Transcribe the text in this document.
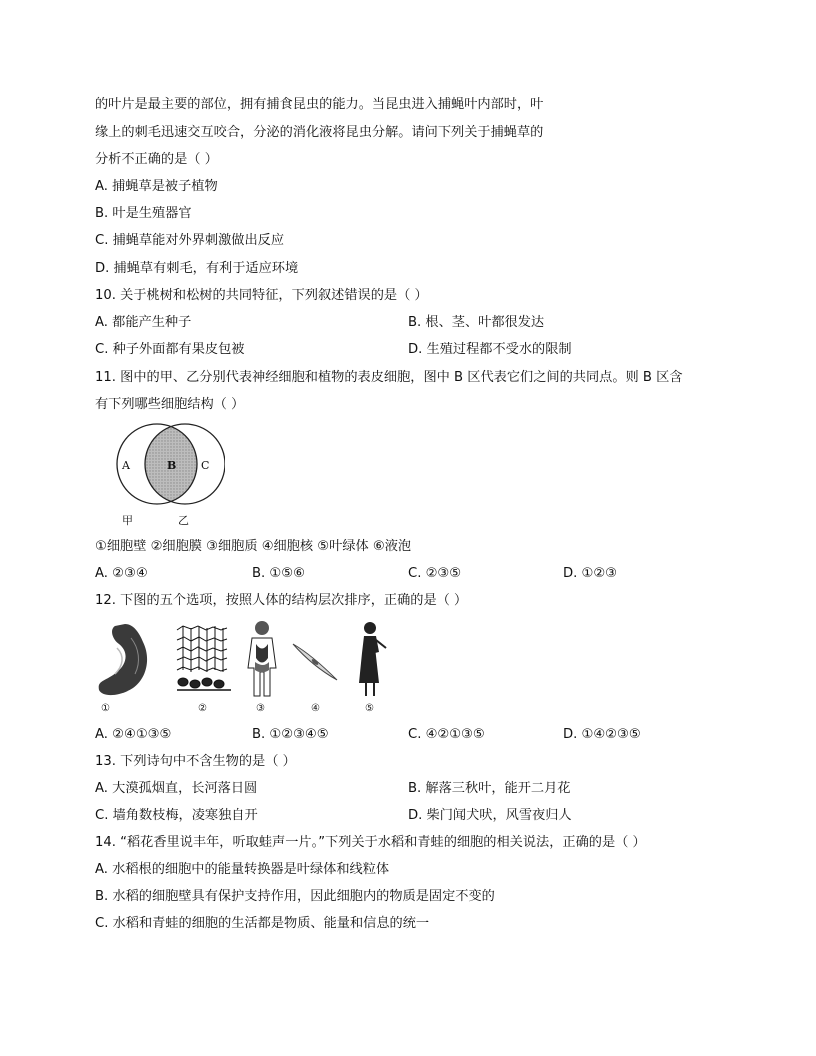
的叶片是最主要的部位，拥有捕食昆虫的能力。当昆虫进入捕蝇叶内部时，叶
缘上的刺毛迅速交互咬合，分泌的消化液将昆虫分解。请问下列关于捕蝇草的
分析不正确的是（ ）
A. 捕蝇草是被子植物
B. 叶是生殖器官
C. 捕蝇草能对外界刺激做出反应
D. 捕蝇草有刺毛，有利于适应环境
10. 关于桃树和松树的共同特征，下列叙述错误的是（ ）
A. 都能产生种子	B. 根、茎、叶都很发达
C. 种子外面都有果皮包被	D. 生殖过程都不受水的限制
11. 图中的甲、乙分别代表神经细胞和植物的表皮细胞，图中 B 区代表它们之间的共同点。则 B 区含
有下列哪些细胞结构（ ）
A	B C
甲	乙
①细胞壁 ②细胞膜 ③细胞质 ④细胞核 ⑤叶绿体 ⑥液泡
A. ②③④	B. ①⑤⑥	C. ②③⑤	D. ①②③
12. 下图的五个选项，按照人体的结构层次排序，正确的是（ ）
①	②	③	④	⑤
A. ②④①③⑤	B. ①②③④⑤	C. ④②①③⑤	D. ①④②③⑤
13. 下列诗句中不含生物的是（ ）
A. 大漠孤烟直，长河落日圆	B. 解落三秋叶，能开二月花
C. 墙角数枝梅，凌寒独自开	D. 柴门闻犬吠，风雪夜归人
14. “稻花香里说丰年，听取蛙声一片。”下列关于水稻和青蛙的细胞的相关说法，正确的是（ ）
A. 水稻根的细胞中的能量转换器是叶绿体和线粒体
B. 水稻的细胞壁具有保护支持作用，因此细胞内的物质是固定不变的
C. 水稻和青蛙的细胞的生活都是物质、能量和信息的统一
